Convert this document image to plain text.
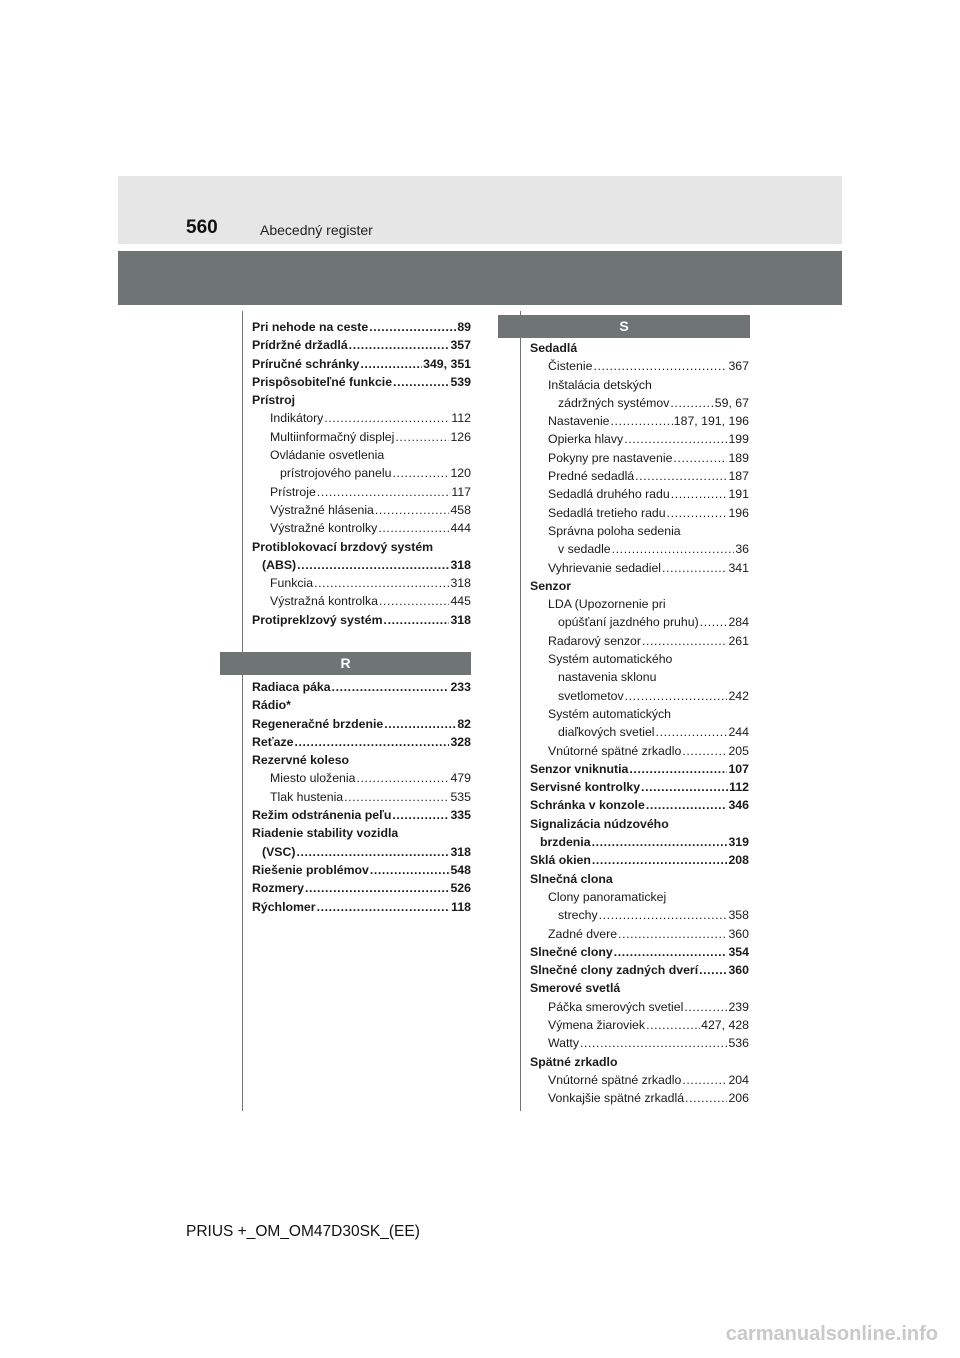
560	Abecedný register
Pri nehode na ceste .....	89
Prídržné držadlá .....	357
Príručné schránky .....	349, 351
Prispôsobiteľné funkcie .....	539
Prístroj
Indikátory .....	112
Multiinformačný displej .....	126
Ovládanie osvetlenia
prístrojového panelu .....	120
Prístroje .....	117
Výstražné hlásenia .....	458
Výstražné kontrolky .....	444
Protiblokovací brzdový systém
(ABS) .....	318
Funkcia .....	318
Výstražná kontrolka .....	445
Protipreklzový systém .....	318
R
Radiaca páka .....	233
Rádio*
Regeneračné brzdenie .....	82
Reťaze .....	328
Rezervné koleso
Miesto uloženia .....	479
Tlak hustenia .....	535
Režim odstránenia peľu .....	335
Riadenie stability vozidla
(VSC) .....	318
Riešenie problémov .....	548
Rozmery .....	526
Rýchlomer .....	118
S
Sedadlá
Čistenie .....	367
Inštalácia detských
zádržných systémov .....	59, 67
Nastavenie .....	187, 191, 196
Opierka hlavy .....	199
Pokyny pre nastavenie .....	189
Predné sedadlá .....	187
Sedadlá druhého radu .....	191
Sedadlá tretieho radu .....	196
Správna poloha sedenia
v sedadle .....	36
Vyhrievanie sedadiel .....	341
Senzor
LDA (Upozornenie pri
opúšťaní jazdného pruhu) ..... 284
Radarový senzor .....	261
Systém automatického
nastavenia sklonu
svetlometov .....	242
Systém automatických
diaľkových svetiel .....	244
Vnútorné spätné zrkadlo .....	205
Senzor vniknutia .....	107
Servisné kontrolky .....	112
Schránka v konzole .....	346
Signalizácia núdzového
brzdenia .....	319
Sklá okien .....	208
Slnečná clona
Clony panoramatickej
strechy .....	358
Zadné dvere .....	360
Slnečné clony .....	354
Slnečné clony zadných dverí ..... 360
Smerové svetlá
Páčka smerových svetiel .....	239
Výmena žiaroviek .....	427, 428
Watty .....	536
Spätné zrkadlo
Vnútorné spätné zrkadlo .....	204
Vonkajšie spätné zrkadlá .....	206
PRIUS +_OM_OM47D30SK_(EE)
carmanualsonline.info
